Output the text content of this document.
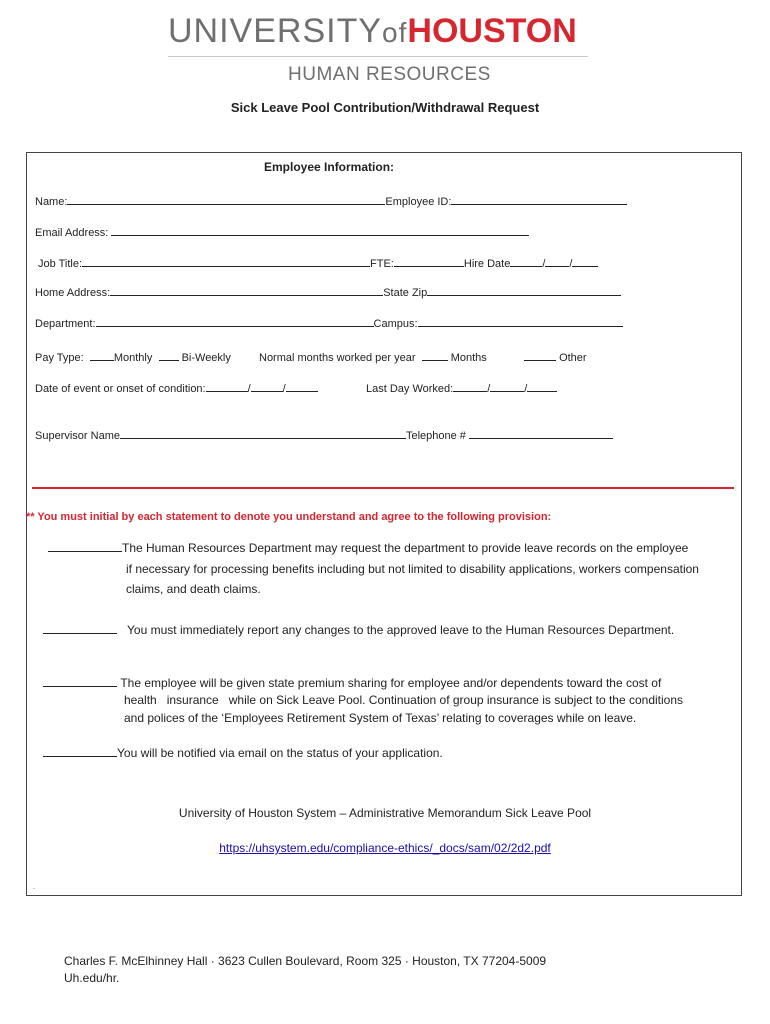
UNIVERSITYofHOUSTON
HUMAN RESOURCES
Sick Leave Pool Contribution/Withdrawal Request
Employee Information:
Name:	Employee ID:
Email Address:
Job Title:	FTE:	Hire Date	/ /
Home Address:	State Zip
Department:	Campus:
Pay Type:	Monthly	Bi-Weekly	Normal months worked per year	Months	Other
Date of event or onset of condition:	/	/	Last Day Worked:	/	/
Supervisor Name	Telephone #
** You must initial by each statement to denote you understand and agree to the following provision:
The Human Resources Department may request the department to provide leave records on the employee
if necessary for processing benefits including but not limited to disability applications, workers compensation
claims, and death claims.
You must immediately report any changes to the approved leave to the Human Resources Department.
The employee will be given state premium sharing for employee and/or dependents toward the cost of
health   insurance   while on Sick Leave Pool. Continuation of group insurance is subject to the conditions
and polices of the ‘Employees Retirement System of Texas’ relating to coverages while on leave.
You will be notified via email on the status of your application.
University of Houston System – Administrative Memorandum Sick Leave Pool
https://uhsystem.edu/compliance-ethics/_docs/sam/02/2d2.pdf
.
Charles F. McElhinney Hall · 3623 Cullen Boulevard, Room 325 · Houston, TX 77204-5009
Uh.edu/hr.
